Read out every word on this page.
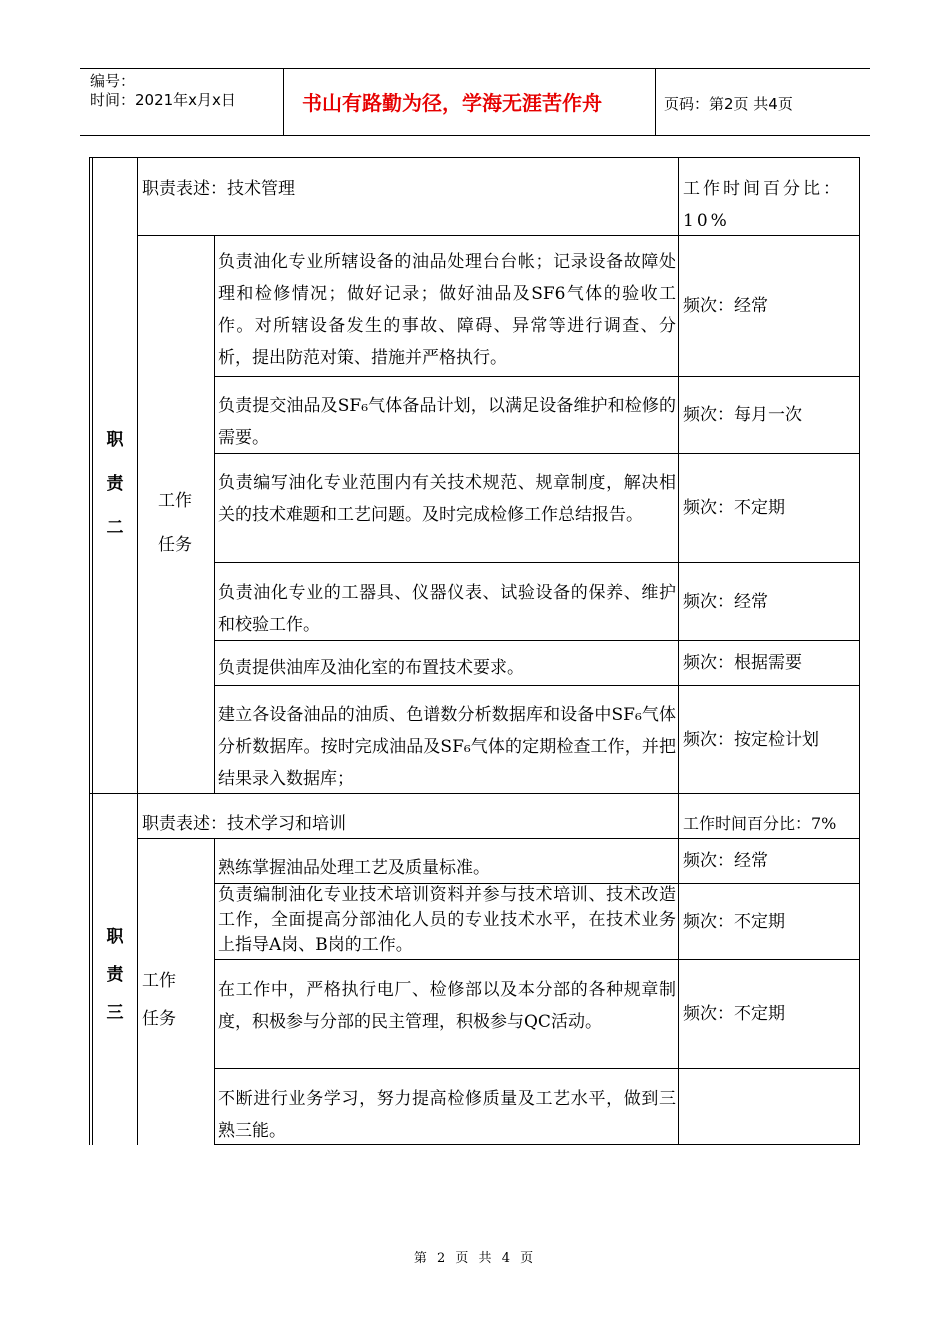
编号：
时间：2021年x月x日	书山有路勤为径，学海无涯苦作舟	页码：第2页 共4页
职
责
二
职责表述：技术管理	工作时间百分比：10%
工作
任务
负责油化专业所辖设备的油品处理台台帐；记录设备故障处理和检修情况；做好记录；做好油品及SF6气体的验收工作。对所辖设备发生的事故、障碍、异常等进行调查、分析，提出防范对策、措施并严格执行。
频次：经常
负责提交油品及SF₆气体备品计划，以满足设备维护和检修的需要。
频次：每月一次
负责编写油化专业范围内有关技术规范、规章制度，解决相关的技术难题和工艺问题。及时完成检修工作总结报告。	频次：不定期
负责油化专业的工器具、仪器仪表、试验设备的保养、维护和校验工作。
频次：经常
负责提供油库及油化室的布置技术要求。	频次：根据需要
建立各设备油品的油质、色谱数分析数据库和设备中SF₆气体分析数据库。按时完成油品及SF₆气体的定期检查工作，并把结果录入数据库；
频次：按定检计划
职
责
三
职责表述：技术学习和培训	工作时间百分比：7%
工作
任务
熟练掌握油品处理工艺及质量标准。	频次：经常
负责编制油化专业技术培训资料并参与技术培训、技术改造工作，全面提高分部油化人员的专业技术水平，在技术业务上指导A岗、B岗的工作。
频次：不定期
在工作中，严格执行电厂、检修部以及本分部的各种规章制度，积极参与分部的民主管理，积极参与QC活动。	频次：不定期
不断进行业务学习，努力提高检修质量及工艺水平，做到三熟三能。
第 2 页 共 4 页
